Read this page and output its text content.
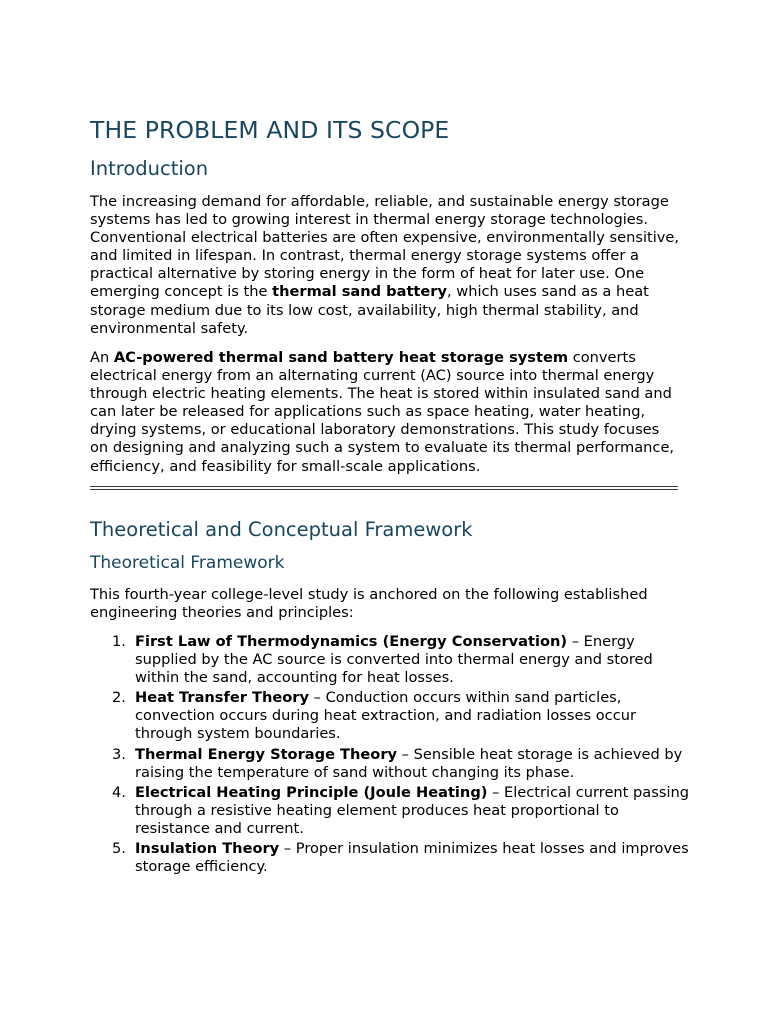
THE PROBLEM AND ITS SCOPE
Introduction

The increasing demand for affordable, reliable, and sustainable energy storage systems has led to growing interest in thermal energy storage technologies. Conventional electrical batteries are often expensive, environmentally sensitive, and limited in lifespan. In contrast, thermal energy storage systems offer a practical alternative by storing energy in the form of heat for later use. One emerging concept is the thermal sand battery, which uses sand as a heat storage medium due to its low cost, availability, high thermal stability, and environmental safety.

An AC-powered thermal sand battery heat storage system converts electrical energy from an alternating current (AC) source into thermal energy through electric heating elements. The heat is stored within insulated sand and can later be released for applications such as space heating, water heating, drying systems, or educational laboratory demonstrations. This study focuses on designing and analyzing such a system to evaluate its thermal performance, efficiency, and feasibility for small-scale applications.

Theoretical and Conceptual Framework
Theoretical Framework

This fourth-year college-level study is anchored on the following established engineering theories and principles:

1. First Law of Thermodynamics (Energy Conservation) – Energy supplied by the AC source is converted into thermal energy and stored within the sand, accounting for heat losses.
2. Heat Transfer Theory – Conduction occurs within sand particles, convection occurs during heat extraction, and radiation losses occur through system boundaries.
3. Thermal Energy Storage Theory – Sensible heat storage is achieved by raising the temperature of sand without changing its phase.
4. Electrical Heating Principle (Joule Heating) – Electrical current passing through a resistive heating element produces heat proportional to resistance and current.
5. Insulation Theory – Proper insulation minimizes heat losses and improves storage efficiency.
